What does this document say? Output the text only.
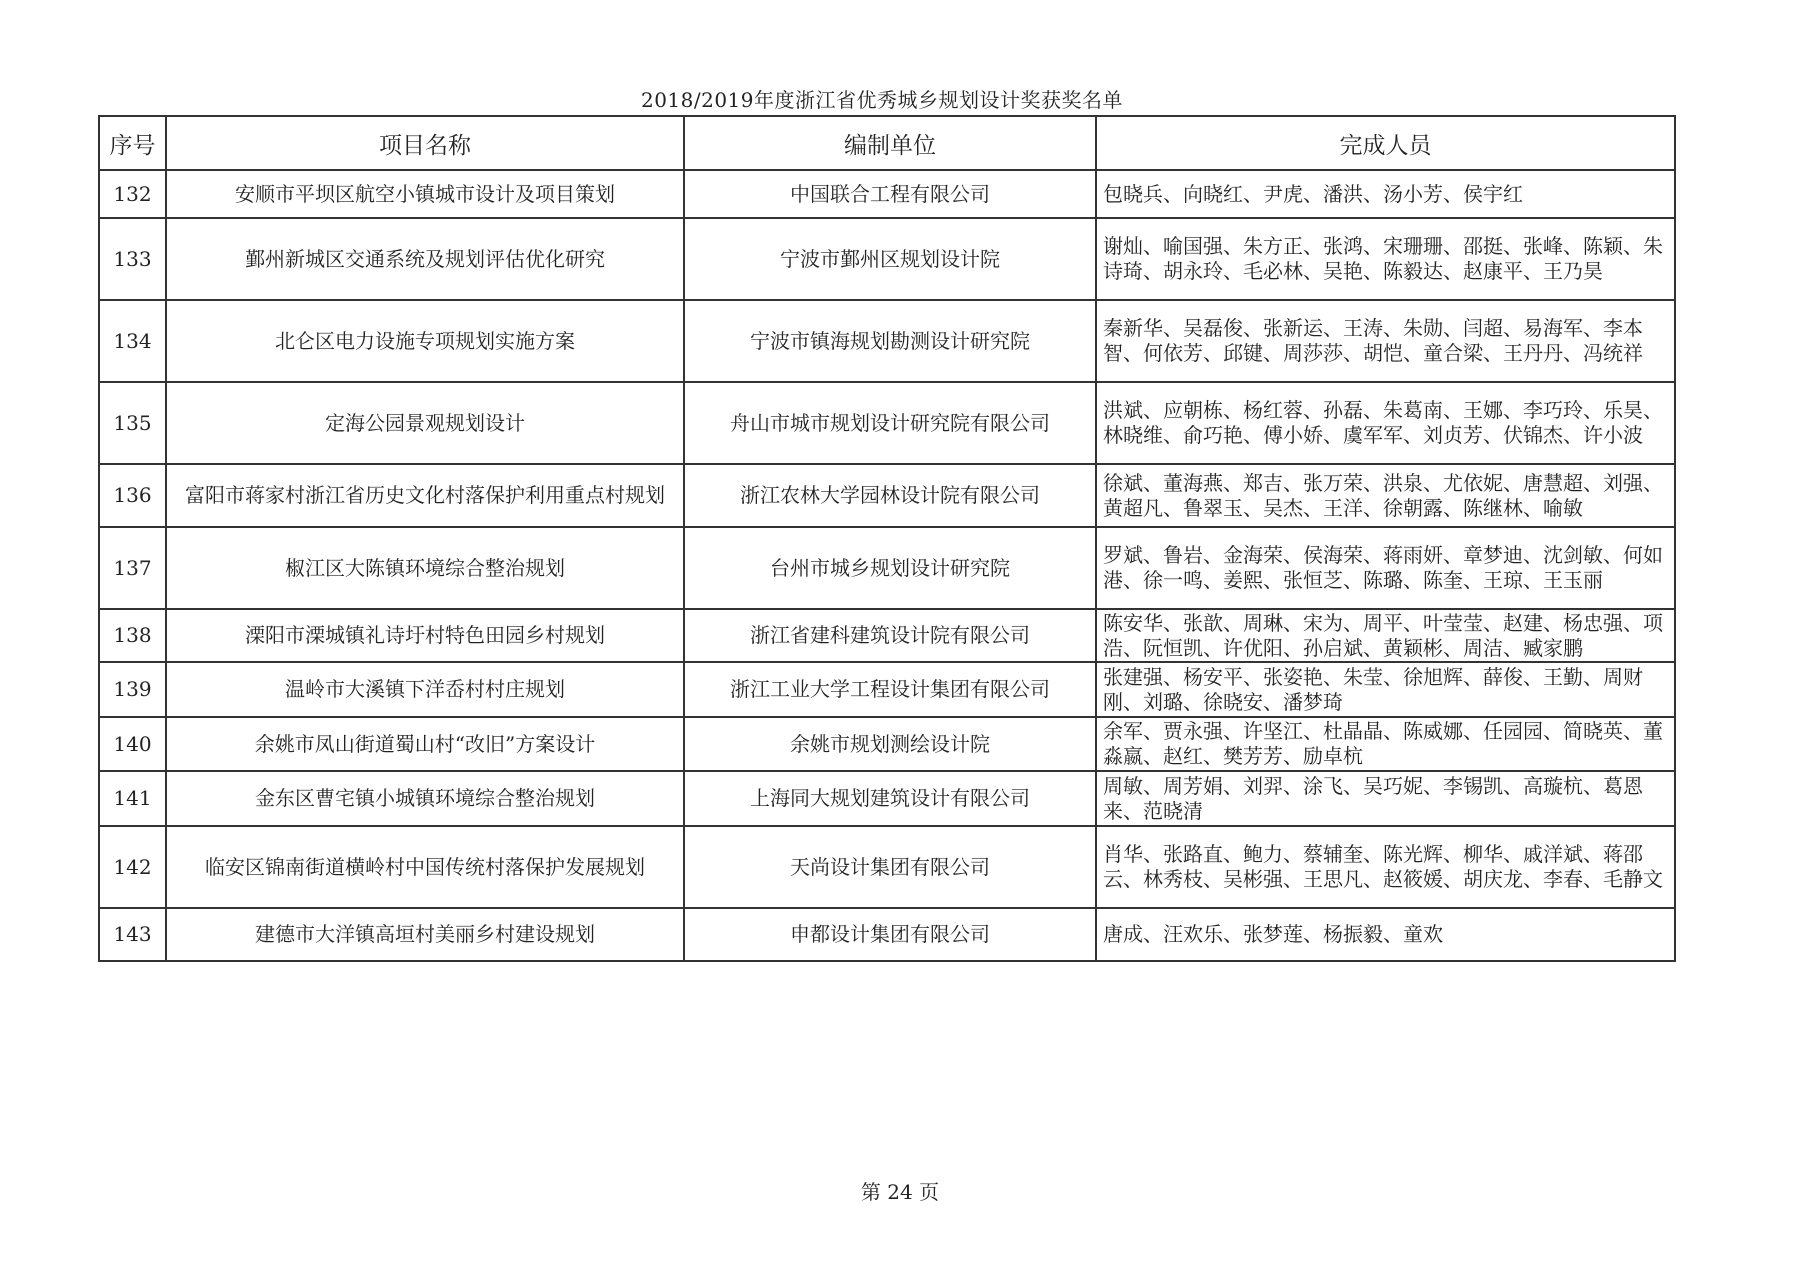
2018/2019年度浙江省优秀城乡规划设计奖获奖名单
序号	项目名称	编制单位	完成人员
132	安顺市平坝区航空小镇城市设计及项目策划	中国联合工程有限公司	包晓兵、向晓红、尹虎、潘洪、汤小芳、侯宇红
133	鄞州新城区交通系统及规划评估优化研究	宁波市鄞州区规划设计院	谢灿、喻国强、朱方正、张鸿、宋珊珊、邵挺、张峰、陈颖、朱诗琦、胡永玲、毛必林、吴艳、陈毅达、赵康平、王乃昊
134	北仑区电力设施专项规划实施方案	宁波市镇海规划勘测设计研究院	秦新华、吴磊俊、张新运、王涛、朱勋、闫超、易海军、李本智、何依芳、邱键、周莎莎、胡恺、童合梁、王丹丹、冯统祥
135	定海公园景观规划设计	舟山市城市规划设计研究院有限公司	洪斌、应朝栋、杨红蓉、孙磊、朱葛南、王娜、李巧玲、乐昊、林晓维、俞巧艳、傅小娇、虞军军、刘贞芳、伏锦杰、许小波
136	富阳市蒋家村浙江省历史文化村落保护利用重点村规划	浙江农林大学园林设计院有限公司	徐斌、董海燕、郑吉、张万荣、洪泉、尤依妮、唐慧超、刘强、黄超凡、鲁翠玉、吴杰、王洋、徐朝露、陈继林、喻敏
137	椒江区大陈镇环境综合整治规划	台州市城乡规划设计研究院	罗斌、鲁岩、金海荣、侯海荣、蒋雨妍、章梦迪、沈剑敏、何如港、徐一鸣、姜熙、张恒芝、陈璐、陈奎、王琼、王玉丽
138	溧阳市溧城镇礼诗圩村特色田园乡村规划	浙江省建科建筑设计院有限公司	陈安华、张歆、周琳、宋为、周平、叶莹莹、赵建、杨忠强、项浩、阮恒凯、许优阳、孙启斌、黄颖彬、周洁、臧家鹏
139	温岭市大溪镇下洋岙村村庄规划	浙江工业大学工程设计集团有限公司	张建强、杨安平、张姿艳、朱莹、徐旭辉、薛俊、王勤、周财刚、刘璐、徐晓安、潘梦琦
140	余姚市凤山街道蜀山村“改旧”方案设计	余姚市规划测绘设计院	余军、贾永强、许坚江、杜晶晶、陈威娜、任园园、简晓英、董淼嬴、赵红、樊芳芳、励卓杭
141	金东区曹宅镇小城镇环境综合整治规划	上海同大规划建筑设计有限公司	周敏、周芳娟、刘羿、涂飞、吴巧妮、李锡凯、高璇杭、葛恩来、范晓清
142	临安区锦南街道横岭村中国传统村落保护发展规划	天尚设计集团有限公司	肖华、张路直、鲍力、蔡辅奎、陈光辉、柳华、戚洋斌、蒋邵云、林秀枝、吴彬强、王思凡、赵筱媛、胡庆龙、李春、毛静文
143	建德市大洋镇高垣村美丽乡村建设规划	申都设计集团有限公司	唐成、汪欢乐、张梦莲、杨振毅、童欢
第 24 页
